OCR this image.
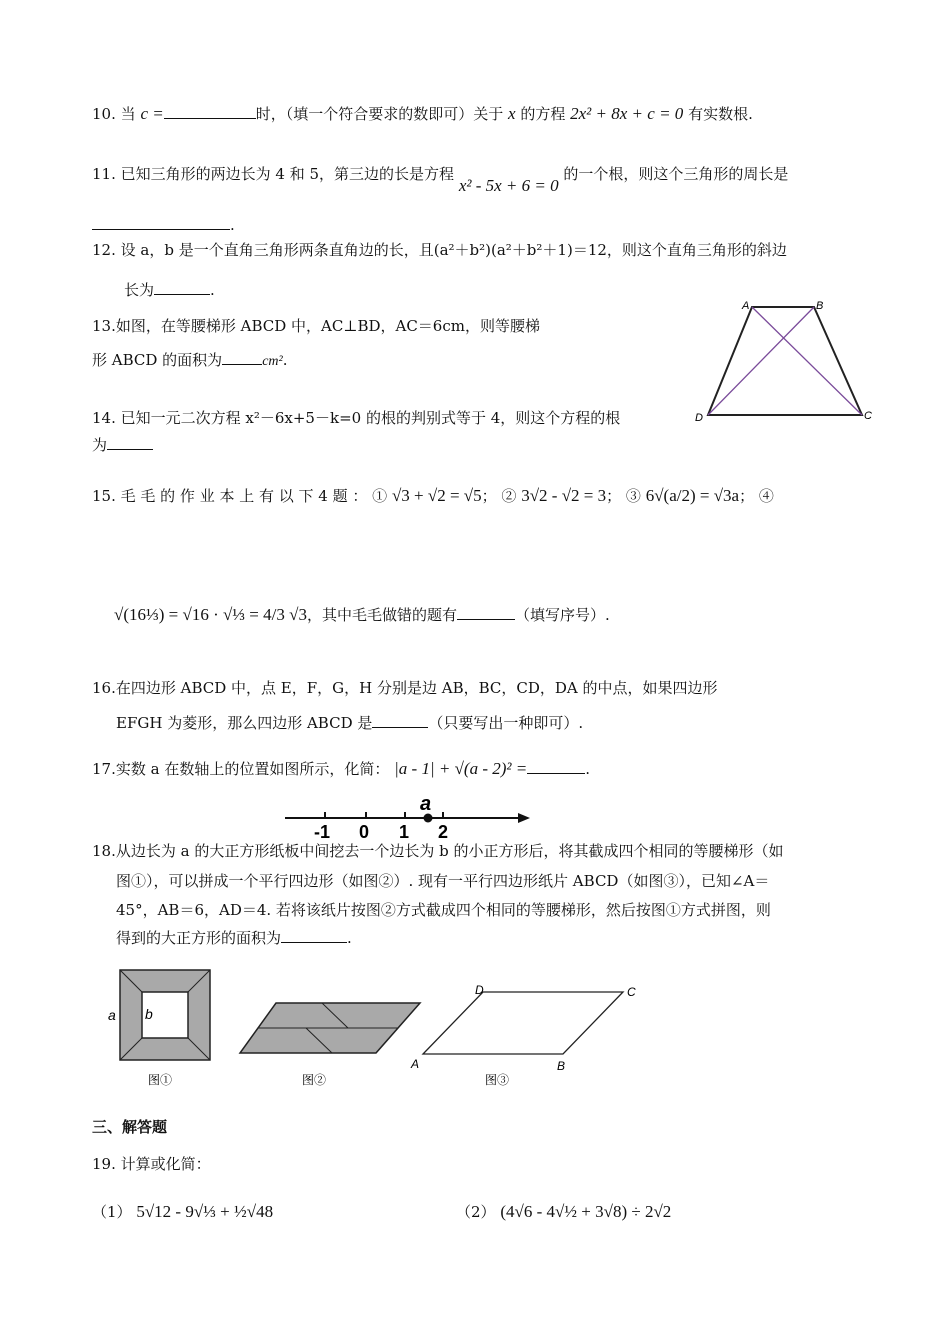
10. 当 c =	时，（填一个符合要求的数即可）关于 x 的方程 2x² + 8x + c = 0 有实数根.
11. 已知三角形的两边长为 4 和 5，第三边的长是方程 x² - 5x + 6 = 0 的一个根，则这个三角形的周长是
.
12. 设 a，b 是一个直角三角形两条直角边的长，且(a²＋b²)(a²＋b²＋1)＝12，则这个直角三角形的斜边
长为	.
13.如图，在等腰梯形 ABCD 中，AC⊥BD，AC＝6cm，则等腰梯
形 ABCD 的面积为	cm².
A	B
C
D
14. 已知一元二次方程 x²－6x+5－k=0 的根的判别式等于 4，则这个方程的根
为
15. 毛 毛 的 作 业 本 上 有 以 下 4 题 ： ① √3 + √2 = √5； ② 3√2 - √2 = 3； ③ 6√(a/2) = √3a； ④
√(16⅓) = √16 · √⅓ = 4/3 √3，其中毛毛做错的题有	（填写序号）.
16.在四边形 ABCD 中，点 E，F，G，H 分别是边 AB，BC，CD，DA 的中点，如果四边形
EFGH 为菱形，那么四边形 ABCD 是	（只要写出一种即可）.
17.实数 a 在数轴上的位置如图所示，化简： |a - 1| + √(a - 2)² =	.
a
-1 0 1 2
18.从边长为 a 的大正方形纸板中间挖去一个边长为 b 的小正方形后，将其截成四个相同的等腰梯形（如
图①），可以拼成一个平行四边形（如图②）. 现有一平行四边形纸片 ABCD（如图③），已知∠A＝
45°，AB＝6，AD＝4. 若将该纸片按图②方式截成四个相同的等腰梯形，然后按图①方式拼图，则
得到的大正方形的面积为	.
a b
图①	图②
D	C
A	B
图③
三、解答题
19. 计算或化简：
（1） 5√12 - 9√⅓ + ½√48	（2） (4√6 - 4√½ + 3√8) ÷ 2√2
